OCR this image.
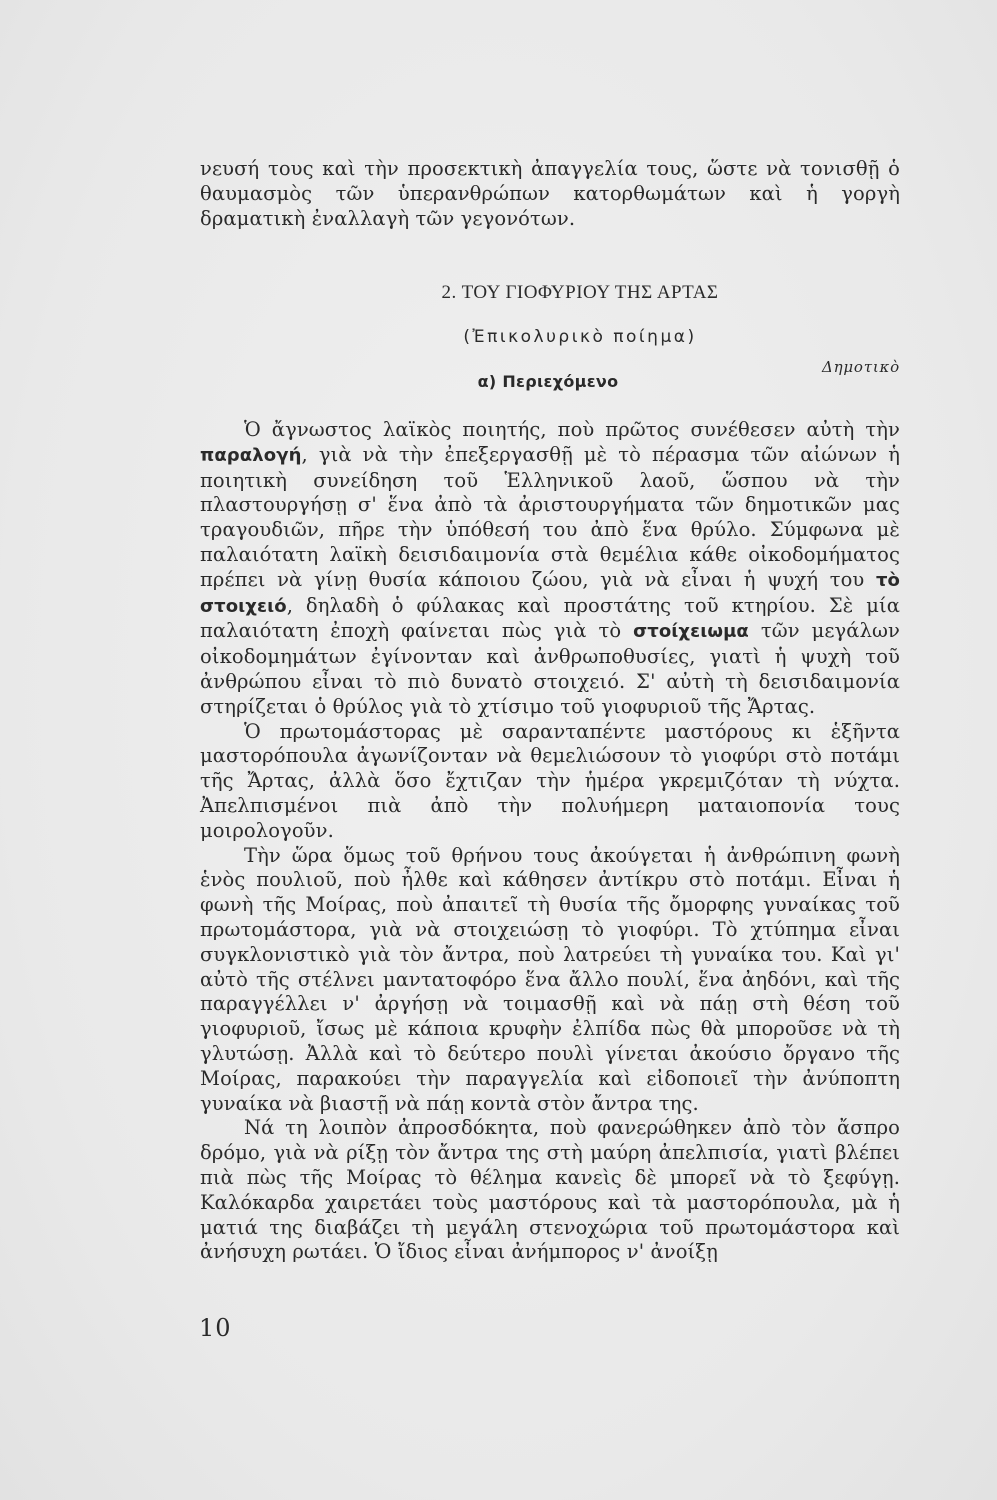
νευσή τους καὶ τὴν προσεκτικὴ ἀπαγγελία τους, ὥστε νὰ τονισθῇ ὁ θαυμασμὸς τῶν ὑπερανθρώπων κατορθωμάτων καὶ ἡ γοργὴ δραματικὴ ἐναλλαγὴ τῶν γεγονότων.

2. ΤΟΥ ΓΙΟΦΥΡΙΟΥ ΤΗΣ ΑΡΤΑΣ
(Ἐπικολυρικὸ ποίημα)
Δημοτικὸ
α) Περιεχόμενο

Ὁ ἄγνωστος λαϊκὸς ποιητής, ποὺ πρῶτος συνέθεσεν αὐτὴ τὴν παραλογή, γιὰ νὰ τὴν ἐπεξεργασθῇ μὲ τὸ πέρασμα τῶν αἰώνων ἡ ποιητικὴ συνείδηση τοῦ Ἑλληνικοῦ λαοῦ, ὥσπου νὰ τὴν πλαστουργήσῃ σ' ἕνα ἀπὸ τὰ ἀριστουργήματα τῶν δημοτικῶν μας τραγουδιῶν, πῆρε τὴν ὑπόθεσή του ἀπὸ ἕνα θρύλο. Σύμφωνα μὲ παλαιότατη λαϊκὴ δεισιδαιμονία στὰ θεμέλια κάθε οἰκοδομήματος πρέπει νὰ γίνῃ θυσία κάποιου ζώου, γιὰ νὰ εἶναι ἡ ψυχή του τὸ στοιχειό, δηλαδὴ ὁ φύλακας καὶ προστάτης τοῦ κτηρίου. Σὲ μία παλαιότατη ἐποχὴ φαίνεται πὼς γιὰ τὸ στοίχειωμα τῶν μεγάλων οἰκοδομημάτων ἐγίνονταν καὶ ἀνθρωποθυσίες, γιατὶ ἡ ψυχὴ τοῦ ἀνθρώπου εἶναι τὸ πιὸ δυνατὸ στοιχειό. Σ' αὐτὴ τὴ δεισιδαιμονία στηρίζεται ὁ θρύλος γιὰ τὸ χτίσιμο τοῦ γιοφυριοῦ τῆς Ἄρτας.

Ὁ πρωτομάστορας μὲ σαρανταπέντε μαστόρους κι ἑξῆντα μαστορόπουλα ἀγωνίζονταν νὰ θεμελιώσουν τὸ γιοφύρι στὸ ποτάμι τῆς Ἄρτας, ἀλλὰ ὅσο ἔχτιζαν τὴν ἡμέρα γκρεμιζόταν τὴ νύχτα. Ἀπελπισμένοι πιὰ ἀπὸ τὴν πολυήμερη ματαιοπονία τους μοιρολογοῦν.

Τὴν ὥρα ὅμως τοῦ θρήνου τους ἀκούγεται ἡ ἀνθρώπινη φωνὴ ἑνὸς πουλιοῦ, ποὺ ἦλθε καὶ κάθησεν ἀντίκρυ στὸ ποτάμι. Εἶναι ἡ φωνὴ τῆς Μοίρας, ποὺ ἀπαιτεῖ τὴ θυσία τῆς ὄμορφης γυναίκας τοῦ πρωτομάστορα, γιὰ νὰ στοιχειώσῃ τὸ γιοφύρι. Τὸ χτύπημα εἶναι συγκλονιστικὸ γιὰ τὸν ἄντρα, ποὺ λατρεύει τὴ γυναίκα του. Καὶ γι' αὐτὸ τῆς στέλνει μαντατοφόρο ἕνα ἄλλο πουλί, ἕνα ἀηδόνι, καὶ τῆς παραγγέλλει ν' ἀργήσῃ νὰ τοιμασθῇ καὶ νὰ πάῃ στὴ θέση τοῦ γιοφυριοῦ, ἴσως μὲ κάποια κρυφὴν ἐλπίδα πὼς θὰ μποροῦσε νὰ τὴ γλυτώσῃ. Ἀλλὰ καὶ τὸ δεύτερο πουλὶ γίνεται ἀκούσιο ὄργανο τῆς Μοίρας, παρακούει τὴν παραγγελία καὶ εἰδοποιεῖ τὴν ἀνύποπτη γυναίκα νὰ βιαστῇ νὰ πάῃ κοντὰ στὸν ἄντρα της.

Νά τη λοιπὸν ἀπροσδόκητα, ποὺ φανερώθηκεν ἀπὸ τὸν ἄσπρο δρόμο, γιὰ νὰ ρίξῃ τὸν ἄντρα της στὴ μαύρη ἀπελπισία, γιατὶ βλέπει πιὰ πὼς τῆς Μοίρας τὸ θέλημα κανεὶς δὲ μπορεῖ νὰ τὸ ξεφύγῃ. Καλόκαρδα χαιρετάει τοὺς μαστόρους καὶ τὰ μαστορόπουλα, μὰ ἡ ματιά της διαβάζει τὴ μεγάλη στενοχώρια τοῦ πρωτομάστορα καὶ ἀνήσυχη ρωτάει. Ὁ ἴδιος εἶναι ἀνήμπορος ν' ἀνοίξῃ

10
